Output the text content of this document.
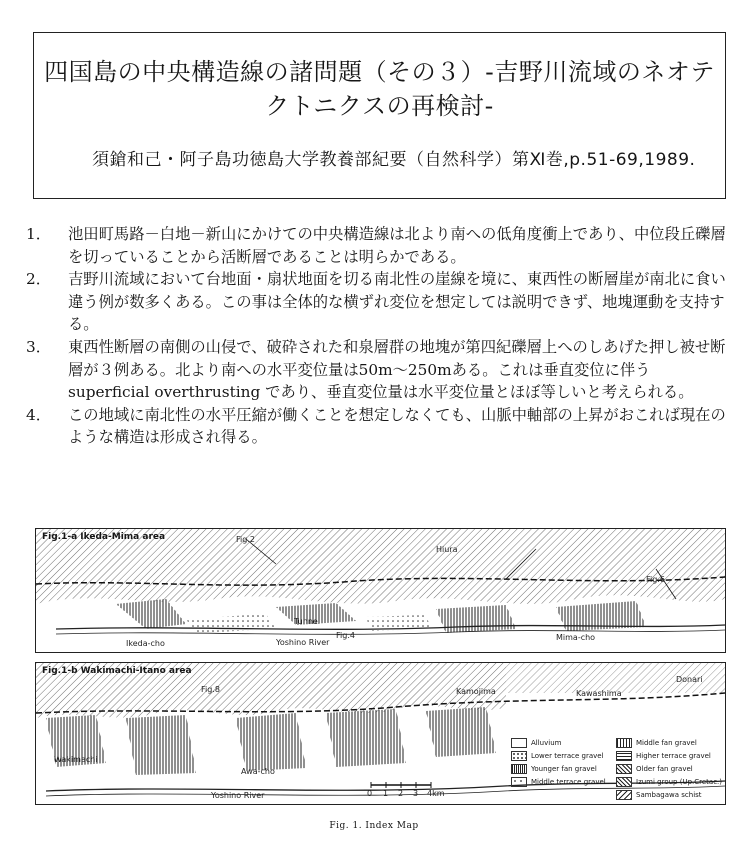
四国島の中央構造線の諸問題（その３）-吉野川流域のネオテ
クトニクスの再検討-
須鎗和己・阿子島功徳島大学教養部紀要（自然科学）第Ⅺ巻,p.51-69,1989.
1． 池田町馬路－白地－新山にかけての中央構造線は北より南への低角度衝上であり、中位段丘礫層を切っていることから活断層であることは明らかである。
2． 吉野川流域において台地面・扇状地面を切る南北性の崖線を境に、東西性の断層崖が南北に食い違う例が数多くある。この事は全体的な横ずれ変位を想定しては説明できず、地塊運動を支持する。
3． 東西性断層の南側の山侵で、破砕された和泉層群の地塊が第四紀礫層上へのしあげた押し被せ断層が３例ある。北より南への水平変位量は50m～250mある。これは垂直変位に伴う superficial overthrusting であり、垂直変位量は水平変位量とほぼ等しいと考えられる。
4． この地域に南北性の水平圧縮が働くことを想定しなくても、山脈中軸部の上昇がおこれば現在のような構造は形成され得る。
Fig.1-a Ikeda-Mima area	Fig.2
Fig.6
Fig.4
Tunnel
Yoshino River
Mima-cho
Ikeda-cho
Hiura
Fig.1-b Wakimachi-Itano area
Fig.8
Wakimachi
Awa-cho
Yoshino River
Kamojima	Kawashima
Donari
0 1 2 3 4km
Alluvium	Middle fan gravel
Lower terrace gravel	Higher terrace gravel
Younger fan gravel	Older fan gravel
Middle terrace gravel	Izumi group (Up.Cretac.)
Sambagawa schist
Fig. 1. Index Map
